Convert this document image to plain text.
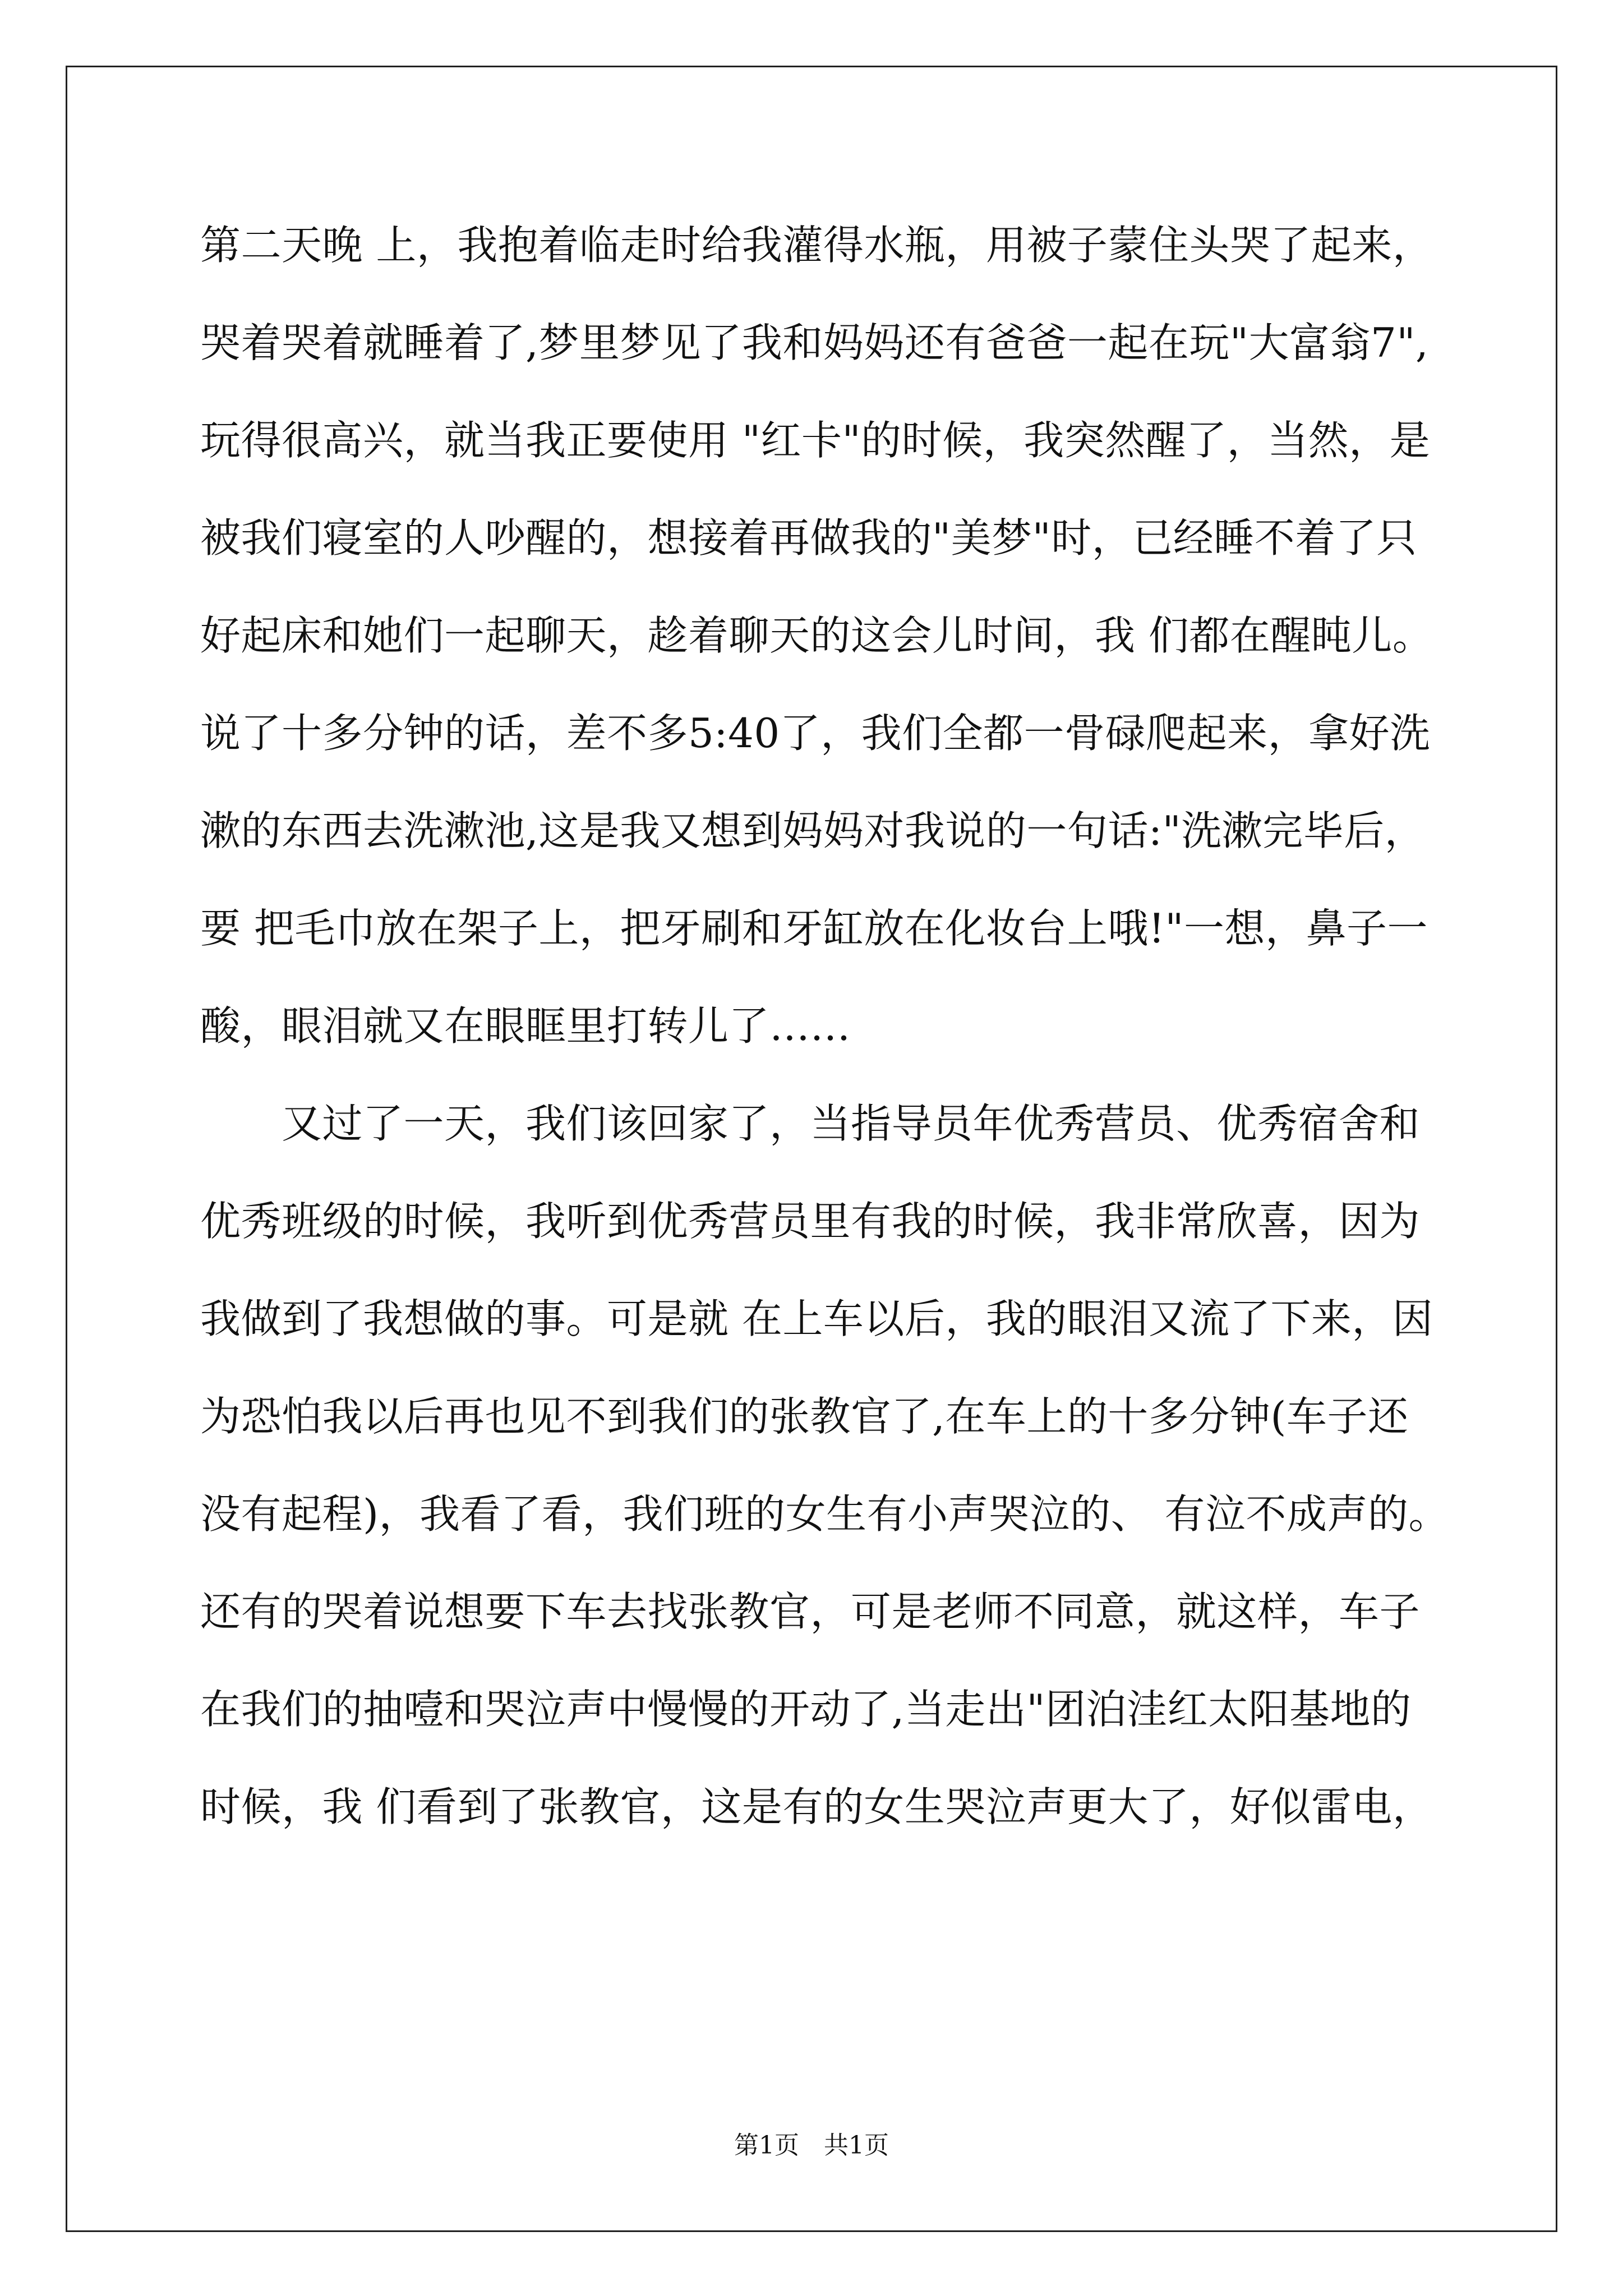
第二天晚 上，我抱着临走时给我灌得水瓶，用被子蒙住头哭了起来，
哭着哭着就睡着了,梦里梦见了我和妈妈还有爸爸一起在玩"大富翁7",
玩得很高兴，就当我正要使用 "红卡"的时候，我突然醒了，当然，是
被我们寝室的人吵醒的，想接着再做我的"美梦"时，已经睡不着了只
好起床和她们一起聊天，趁着聊天的这会儿时间，我 们都在醒盹儿。
说了十多分钟的话，差不多5:40了，我们全都一骨碌爬起来，拿好洗
漱的东西去洗漱池,这是我又想到妈妈对我说的一句话:"洗漱完毕后，
要 把毛巾放在架子上，把牙刷和牙缸放在化妆台上哦!"一想，鼻子一
酸，眼泪就又在眼眶里打转儿了……
　　又过了一天，我们该回家了，当指导员年优秀营员、优秀宿舍和
优秀班级的时候，我听到优秀营员里有我的时候，我非常欣喜，因为
我做到了我想做的事。可是就 在上车以后，我的眼泪又流了下来，因
为恐怕我以后再也见不到我们的张教官了,在车上的十多分钟(车子还
没有起程)，我看了看，我们班的女生有小声哭泣的、 有泣不成声的。
还有的哭着说想要下车去找张教官，可是老师不同意，就这样，车子
在我们的抽噎和哭泣声中慢慢的开动了,当走出"团泊洼红太阳基地的
时候，我 们看到了张教官，这是有的女生哭泣声更大了，好似雷电，
第1页　共1页
